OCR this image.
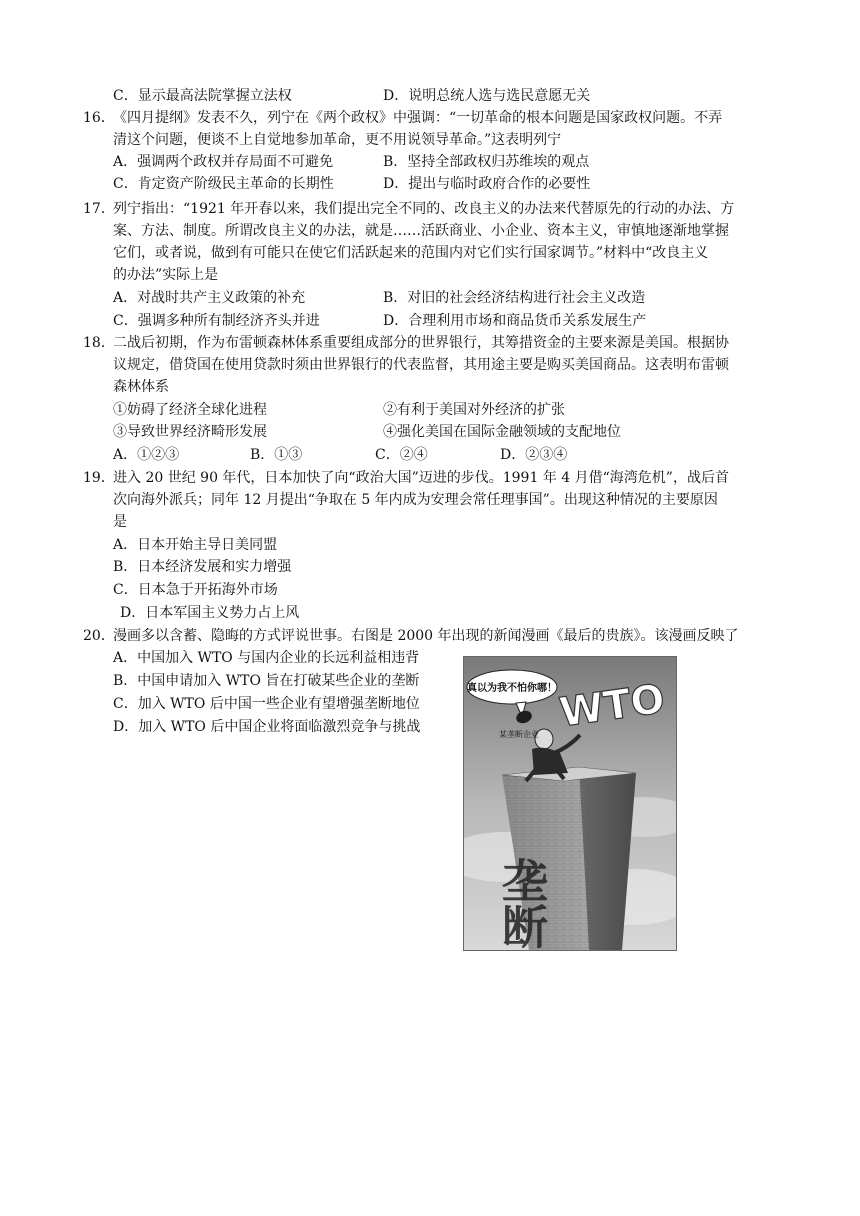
C．显示最高法院掌握立法权	D．说明总统人选与选民意愿无关
16．
《四月提纲》发表不久，列宁在《两个政权》中强调：“一切革命的根本问题是国家政权问题。不弄
清这个问题，便谈不上自觉地参加革命，更不用说领导革命。”这表明列宁
A．强调两个政权并存局面不可避免	B．坚持全部政权归苏维埃的观点
C．肯定资产阶级民主革命的长期性	D．提出与临时政府合作的必要性
17．
列宁指出：“1921 年开春以来，我们提出完全不同的、改良主义的办法来代替原先的行动的办法、方
案、方法、制度。所谓改良主义的办法，就是……活跃商业、小企业、资本主义，审慎地逐渐地掌握
它们，或者说，做到有可能只在使它们活跃起来的范围内对它们实行国家调节。”材料中“改良主义
的办法”实际上是
A．对战时共产主义政策的补充	B．对旧的社会经济结构进行社会主义改造
C．强调多种所有制经济齐头并进	D．合理利用市场和商品货币关系发展生产
18．
二战后初期，作为布雷顿森林体系重要组成部分的世界银行，其筹措资金的主要来源是美国。根据协
议规定，借贷国在使用贷款时须由世界银行的代表监督，其用途主要是购买美国商品。这表明布雷顿
森林体系
①妨碍了经济全球化进程	②有利于美国对外经济的扩张
③导致世界经济畸形发展	④强化美国在国际金融领域的支配地位
A．①②③	B．①③	C．②④	D．②③④
19．
进入 20 世纪 90 年代，日本加快了向“政治大国”迈进的步伐。1991 年 4 月借“海湾危机”，战后首
次向海外派兵；同年 12 月提出“争取在 5 年内成为安理会常任理事国”。出现这种情况的主要原因
是
A．日本开始主导日美同盟
B．日本经济发展和实力增强
C．日本急于开拓海外市场
D．日本军国主义势力占上风
20．
漫画多以含蓄、隐晦的方式评说世事。右图是 2000 年出现的新闻漫画《最后的贵族》。该漫画反映了
A．中国加入 WTO 与国内企业的长远利益相违背
B．中国申请加入 WTO 旨在打破某些企业的垄断
C．加入 WTO 后中国一些企业有望增强垄断地位
D．加入 WTO 后中国企业将面临激烈竞争与挑战
真以为我不怕你哪！ WTO
垄断
某垄断企业
